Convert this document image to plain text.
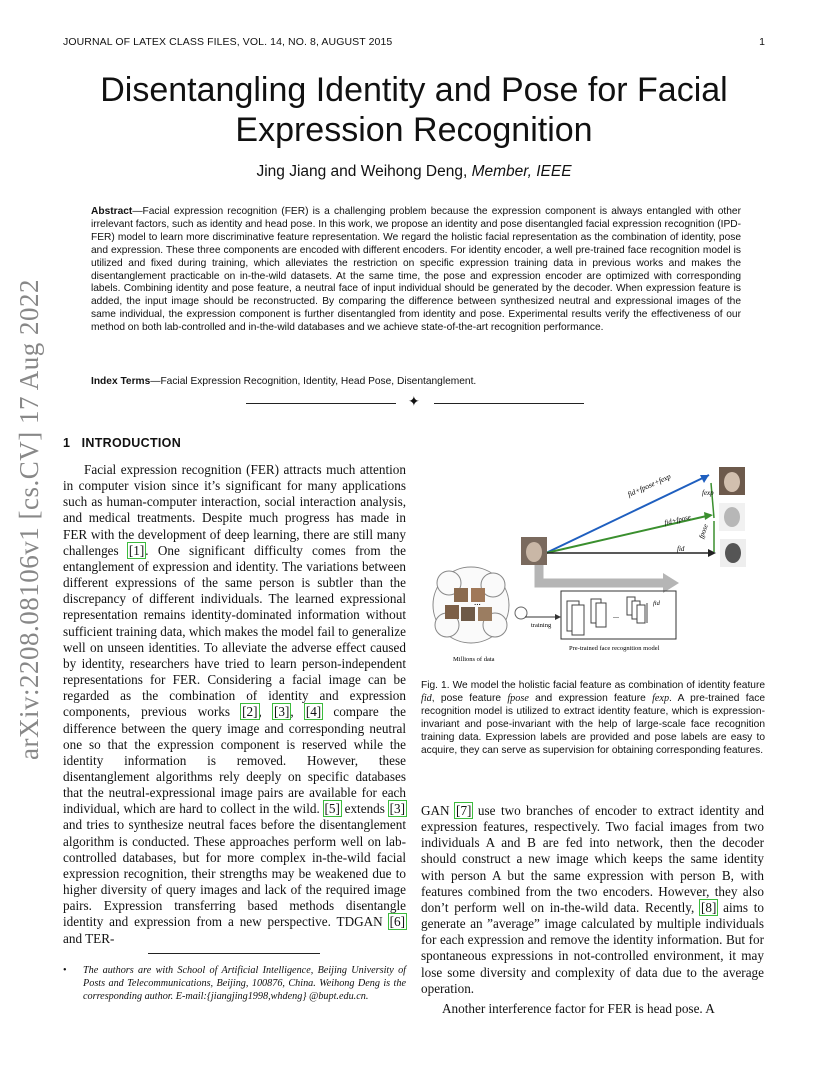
JOURNAL OF LATEX CLASS FILES, VOL. 14, NO. 8, AUGUST 2015	1
arXiv:2208.08106v1 [cs.CV] 17 Aug 2022
Disentangling Identity and Pose for Facial
Expression Recognition
Jing Jiang and Weihong Deng, Member, IEEE
Abstract—Facial expression recognition (FER) is a challenging problem because the expression component is always entangled with other irrelevant factors, such as identity and head pose. In this work, we propose an identity and pose disentangled facial expression recognition (IPD-FER) model to learn more discriminative feature representation. We regard the holistic facial representation as the combination of identity, pose and expression. These three components are encoded with different encoders. For identity encoder, a well pre-trained face recognition model is utilized and fixed during training, which alleviates the restriction on specific expression training data in previous works and makes the disentanglement practicable on in-the-wild datasets. At the same time, the pose and expression encoder are optimized with corresponding labels. Combining identity and pose feature, a neutral face of input individual should be generated by the decoder. When expression feature is added, the input image should be reconstructed. By comparing the difference between synthesized neutral and expressional images of the same individual, the expression component is further disentangled from identity and pose. Experimental results verify the effectiveness of our method on both lab-controlled and in-the-wild databases and we achieve state-of-the-art recognition performance.
Index Terms—Facial Expression Recognition, Identity, Head Pose, Disentanglement.
✦
1 INTRODUCTION

Facial expression recognition (FER) attracts much attention in computer vision since it’s significant for many applications such as human-computer interaction, social interaction analysis, and medical treatments. Despite much progress has made in FER with the development of deep learning, there are still many challenges [1]. One significant difficulty comes from the entanglement of expression and identity. The variations between different expressions of the same person is subtler than the discrepancy of different individuals. The learned expressional representation remains identity-dominated information without sufficient training data, which makes the model fail to generalize well on unseen identities. To alleviate the adverse effect caused by identity, researchers have tried to learn person-independent representations for FER. Considering a facial image can be regarded as the combination of identity and expression components, previous works [2], [3], [4] compare the difference between the query image and corresponding neutral one so that the expression component is reserved while the identity information is removed. However, these disentanglement algorithms rely deeply on specific databases that the neutral-expressional image pairs are available for each individual, which are hard to collect in the wild. [5] extends [3] and tries to synthesize neutral faces before the disentanglement algorithm is conducted. These approaches perform well on lab-controlled databases, but for more complex in-the-wild facial expression recognition, their strengths may be weakened due to higher diversity of query images and lack of the required image pairs. Expression transferring based methods disentangle identity and expression from a new perspective. TDGAN [6] and TER-

• The authors are with School of Artificial Intelligence, Beijing University of Posts and Telecommunications, Beijing, 100876, China. Weihong Deng is the corresponding author. E-mail:{jiangjing1998,whdeng} @bupt.edu.cn.
fid+fpose+fexp
fid+fpose
fexp
fpose
fid
...
Millions of data
training
...
fid
Pre-trained face recognition model
Fig. 1. We model the holistic facial feature as combination of identity feature fid, pose feature fpose and expression feature fexp. A pre-trained face recognition model is utilized to extract identity feature, which is expression-invariant and pose-invariant with the help of large-scale face recognition training data. Expression labels are provided and pose labels are easy to acquire, they can serve as supervision for obtaining corresponding features.

GAN [7] use two branches of encoder to extract identity and expression features, respectively. Two facial images from two individuals A and B are fed into network, then the decoder should construct a new image which keeps the same identity with person A but the same expression with person B, with features combined from the two encoders. However, they also don’t perform well on in-the-wild data. Recently, [8] aims to generate an ”average” image calculated by multiple individuals for each expression and remove the identity information. But for spontaneous expressions in not-controlled environment, it may lose some diversity and complexity of data due to the average operation.

Another interference factor for FER is head pose. A
